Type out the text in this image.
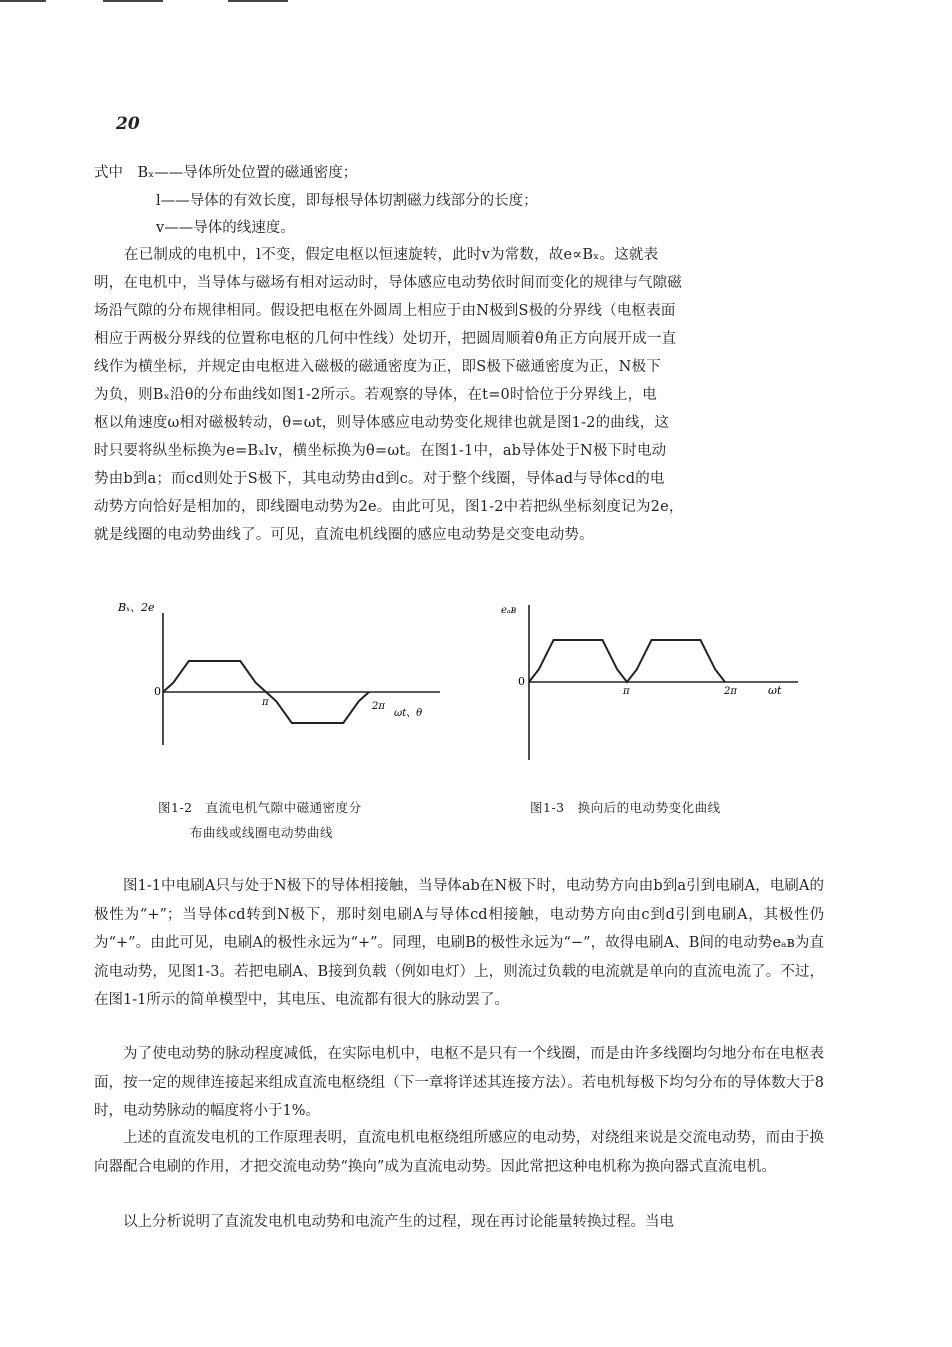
20
式中　Bₓ——导体所处位置的磁通密度；
l——导体的有效长度，即每根导体切割磁力线部分的长度；
v——导体的线速度。
在已制成的电机中，l不变，假定电枢以恒速旋转，此时v为常数，故e∝Bₓ。这就表
明，在电机中，当导体与磁场有相对运动时，导体感应电动势依时间而变化的规律与气隙磁
场沿气隙的分布规律相同。假设把电枢在外圆周上相应于由N极到S极的分界线（电枢表面
相应于两极分界线的位置称电枢的几何中性线）处切开，把圆周顺着θ角正方向展开成一直
线作为横坐标，并规定由电枢进入磁极的磁通密度为正，即S极下磁通密度为正，N极下
为负，则Bₓ沿θ的分布曲线如图1-2所示。若观察的导体，在t=0时恰位于分界线上，电
枢以角速度ω相对磁极转动，θ=ωt，则导体感应电动势变化规律也就是图1-2的曲线，这
时只要将纵坐标换为e=Bₓlv，横坐标换为θ=ωt。在图1-1中，ab导体处于N极下时电动
势由b到a；而cd则处于S极下，其电动势由d到c。对于整个线圈，导体ad与导体cd的电
动势方向恰好是相加的，即线圈电动势为2e。由此可见，图1-2中若把纵坐标刻度记为2e，
就是线圈的电动势曲线了。可见，直流电机线圈的感应电动势是交变电动势。
Bₓ、2e
0
π	2π
ωt、θ
eₐʙ
0
π	2π	ωt
图1-2　直流电机气隙中磁通密度分
布曲线或线圈电动势曲线
图1-3　换向后的电动势变化曲线
图1-1中电刷A只与处于N极下的导体相接触，当导体ab在N极下时，电动势方向由b到a引到电刷A，电刷A的极性为“+”；当导体cd转到N极下，那时刻电刷A与导体cd相接触，电动势方向由c到d引到电刷A，其极性仍为“+”。由此可见，电刷A的极性永远为“+”。同理，电刷B的极性永远为“−”，故得电刷A、B间的电动势eₐʙ为直流电动势，见图1-3。若把电刷A、B接到负载（例如电灯）上，则流过负载的电流就是单向的直流电流了。不过，在图1-1所示的简单模型中，其电压、电流都有很大的脉动罢了。
为了使电动势的脉动程度减低，在实际电机中，电枢不是只有一个线圈，而是由许多线圈均匀地分布在电枢表面，按一定的规律连接起来组成直流电枢绕组（下一章将详述其连接方法）。若电机每极下均匀分布的导体数大于8时，电动势脉动的幅度将小于1%。
上述的直流发电机的工作原理表明，直流电机电枢绕组所感应的电动势，对绕组来说是交流电动势，而由于换向器配合电刷的作用，才把交流电动势“换向”成为直流电动势。因此常把这种电机称为换向器式直流电机。
以上分析说明了直流发电机电动势和电流产生的过程，现在再讨论能量转换过程。当电
